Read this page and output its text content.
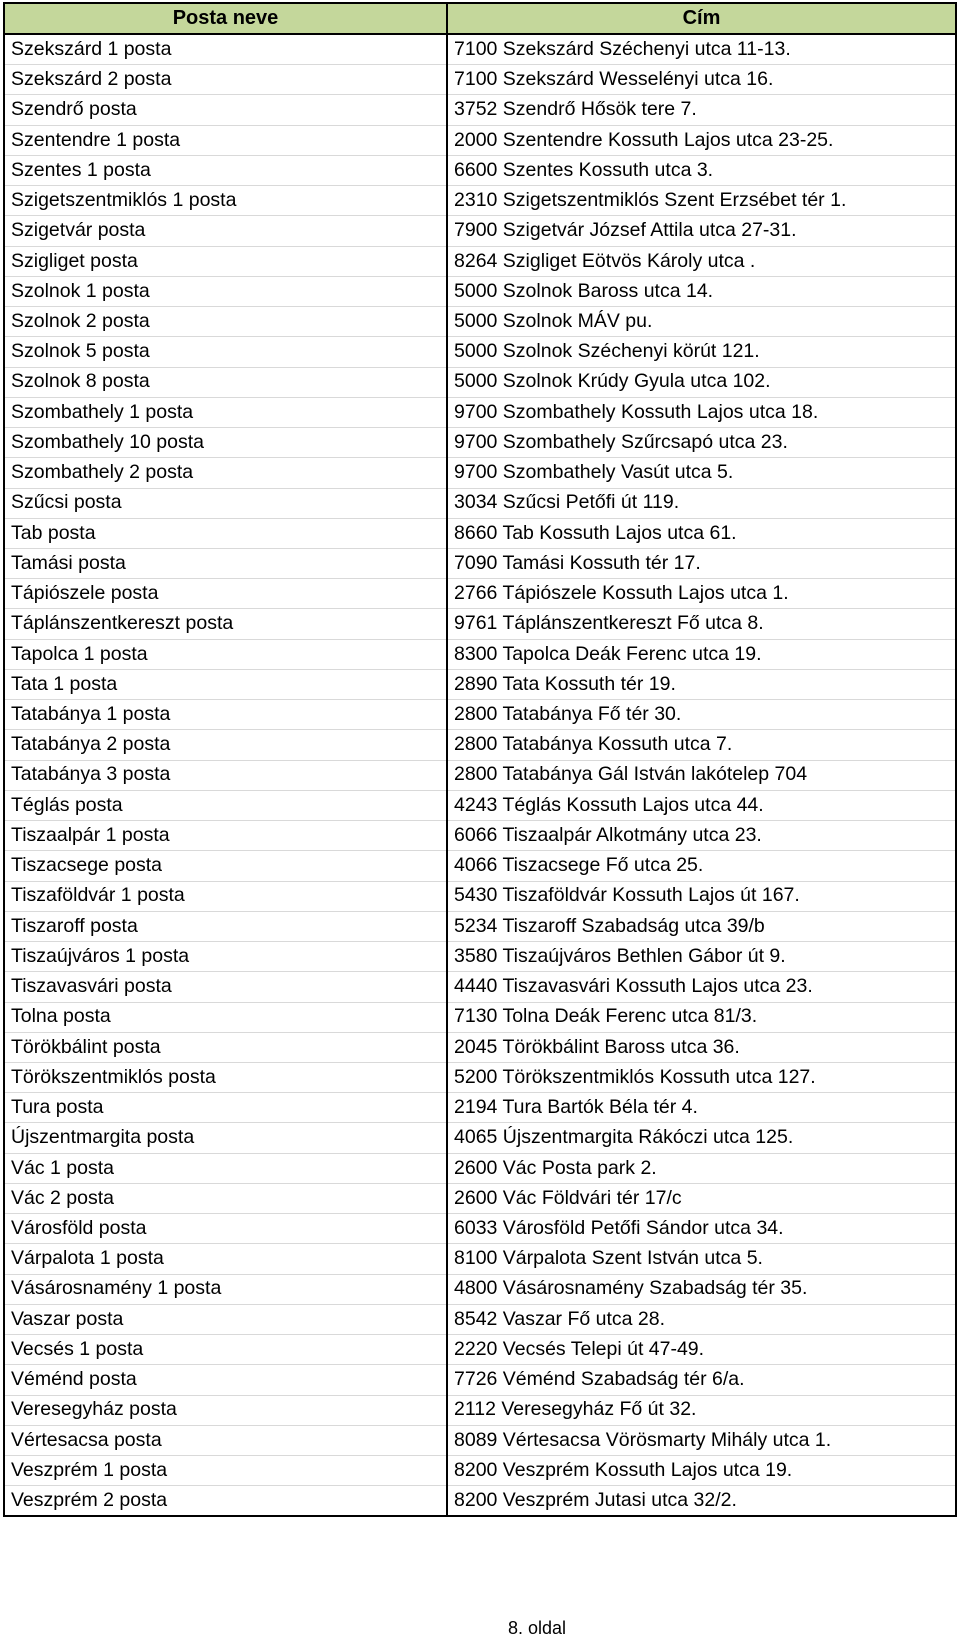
Posta neve	Cím
Szekszárd 1 posta	7100 Szekszárd Széchenyi utca 11-13.
Szekszárd 2 posta	7100 Szekszárd Wesselényi utca 16.
Szendrő posta	3752 Szendrő Hősök tere 7.
Szentendre 1 posta	2000 Szentendre Kossuth Lajos utca 23-25.
Szentes 1 posta	6600 Szentes Kossuth utca 3.
Szigetszentmiklós 1 posta	2310 Szigetszentmiklós Szent Erzsébet tér 1.
Szigetvár posta	7900 Szigetvár József Attila utca 27-31.
Szigliget posta	8264 Szigliget Eötvös Károly utca .
Szolnok 1 posta	5000 Szolnok Baross utca 14.
Szolnok 2 posta	5000 Szolnok MÁV pu.
Szolnok 5 posta	5000 Szolnok Széchenyi körút 121.
Szolnok 8 posta	5000 Szolnok Krúdy Gyula utca 102.
Szombathely 1 posta	9700 Szombathely Kossuth Lajos utca 18.
Szombathely 10 posta	9700 Szombathely Szűrcsapó utca 23.
Szombathely 2 posta	9700 Szombathely Vasút utca 5.
Szűcsi posta	3034 Szűcsi Petőfi út 119.
Tab posta	8660 Tab Kossuth Lajos utca 61.
Tamási posta	7090 Tamási Kossuth tér 17.
Tápiószele posta	2766 Tápiószele Kossuth Lajos utca 1.
Táplánszentkereszt posta	9761 Táplánszentkereszt Fő utca 8.
Tapolca 1 posta	8300 Tapolca Deák Ferenc utca 19.
Tata 1 posta	2890 Tata Kossuth tér 19.
Tatabánya 1 posta	2800 Tatabánya Fő tér 30.
Tatabánya 2 posta	2800 Tatabánya Kossuth utca 7.
Tatabánya 3 posta	2800 Tatabánya Gál István lakótelep 704
Téglás posta	4243 Téglás Kossuth Lajos utca 44.
Tiszaalpár 1 posta	6066 Tiszaalpár Alkotmány utca 23.
Tiszacsege posta	4066 Tiszacsege Fő utca 25.
Tiszaföldvár 1 posta	5430 Tiszaföldvár Kossuth Lajos út 167.
Tiszaroff posta	5234 Tiszaroff Szabadság utca 39/b
Tiszaújváros 1 posta	3580 Tiszaújváros Bethlen Gábor út 9.
Tiszavasvári posta	4440 Tiszavasvári Kossuth Lajos utca 23.
Tolna posta	7130 Tolna Deák Ferenc utca 81/3.
Törökbálint posta	2045 Törökbálint Baross utca 36.
Törökszentmiklós posta	5200 Törökszentmiklós Kossuth utca 127.
Tura posta	2194 Tura Bartók Béla tér 4.
Újszentmargita posta	4065 Újszentmargita Rákóczi utca 125.
Vác 1 posta	2600 Vác Posta park 2.
Vác 2 posta	2600 Vác Földvári tér 17/c
Városföld posta	6033 Városföld Petőfi Sándor utca 34.
Várpalota 1 posta	8100 Várpalota Szent István utca 5.
Vásárosnamény 1 posta	4800 Vásárosnamény Szabadság tér 35.
Vaszar posta	8542 Vaszar Fő utca 28.
Vecsés 1 posta	2220 Vecsés Telepi út 47-49.
Véménd posta	7726 Véménd Szabadság tér 6/a.
Veresegyház posta	2112 Veresegyház Fő út 32.
Vértesacsa posta	8089 Vértesacsa Vörösmarty Mihály utca 1.
Veszprém 1 posta	8200 Veszprém Kossuth Lajos utca 19.
Veszprém 2 posta	8200 Veszprém Jutasi utca 32/2.
8. oldal
